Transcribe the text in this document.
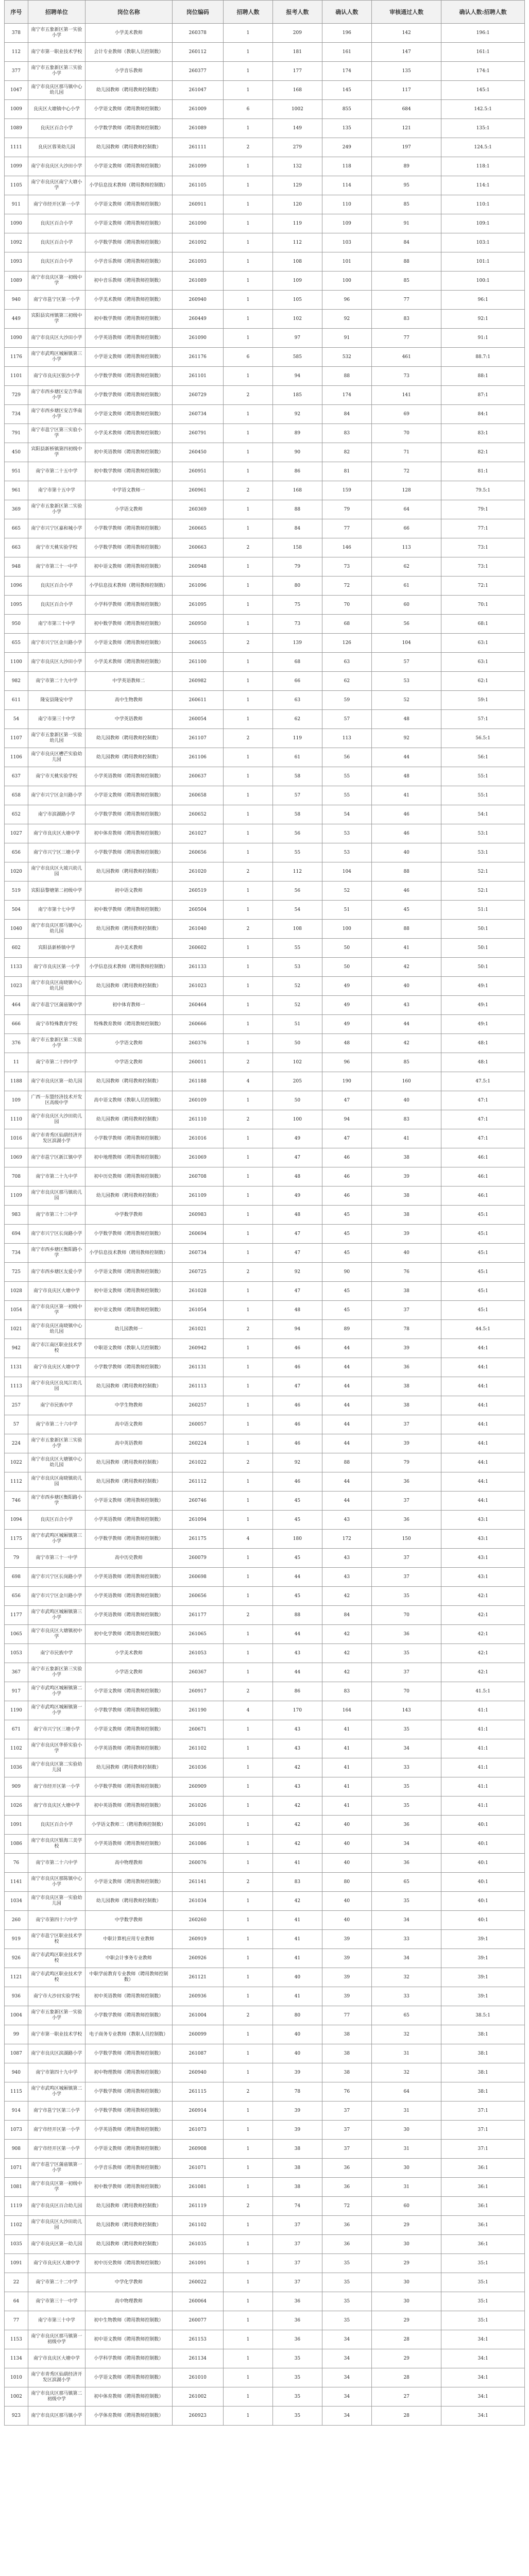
序号	招聘单位	岗位名称	岗位编码	招聘人数	报考人数	确认人数	审核通过人数	确认人数:招聘人数
378	南宁市五象新区第一实验小学	小学美术教师	260378	1	209	196	142	196:1
112	南宁市第一职业技术学校	会计专业教师（教职人员控制数）	260112	1	181	161	147	161:1
377	南宁市五象新区第三实验小学	小学音乐教师	260377	1	177	174	135	174:1
1047	南宁市良庆区那马镇中心幼儿园	幼儿园教师（聘用教师控制数）	261047	1	168	145	117	145:1
1009	良庆区大塘镇中心小学	小学语文教师（聘用教师控制数）	261009	6	1002	855	684	142.5:1
1089	良庆区百合小学	小学数学教师（聘用教师控制数）	261089	1	149	135	121	135:1
1111	良庆区蓉茉幼儿园	幼儿园教师（聘用教师控制数）	261111	2	279	249	197	124.5:1
1099	南宁市良庆区大沙田小学	小学语文教师（聘用教师控制数）	261099	1	132	118	89	118:1
1105	南宁市良庆区南宁大塘小学	小学信息技术教师（聘用教师控制数）	261105	1	129	114	95	114:1
911	南宁市经开区第一小学	小学语文教师（聘用教师控制数）	260911	1	120	110	85	110:1
1090	良庆区百合小学	小学语文教师（聘用教师控制数）	261090	1	119	109	91	109:1
1092	良庆区百合小学	小学数学教师（聘用教师控制数）	261092	1	112	103	84	103:1
1093	良庆区百合小学	小学音乐教师（聘用教师控制数）	261093	1	108	101	88	101:1
1089	南宁市良庆区第一初级中学	初中音乐教师（聘用教师控制数）	261089	1	109	100	85	100:1
940	南宁市邕宁区第一小学	小学美术教师（聘用教师控制数）	260940	1	105	96	77	96:1
449	宾阳县宾州镇第三初级中学	初中数学教师（聘用教师控制数）	260449	1	102	92	83	92:1
1090	南宁市良庆区大沙田小学	小学英语教师（聘用教师控制数）	261090	1	97	91	77	91:1
1176	南宁市武鸣区城厢镇第三小学	小学语文教师（聘用教师控制数）	261176	6	585	532	461	88.7:1
1101	南宁市良庆区银沙小学	小学数学教师（聘用教师控制数）	261101	1	94	88	73	88:1
729	南宁市西乡塘区安吉华南小学	小学数学教师（聘用教师控制数）	260729	2	185	174	141	87:1
734	南宁市西乡塘区安吉华南小学	小学语文教师（聘用教师控制数）	260734	1	92	84	69	84:1
791	南宁市邕宁区第三实验小学	小学美术教师（聘用教师控制数）	260791	1	89	83	70	83:1
450	宾阳县新桥镇第四初级中学	初中英语教师（聘用教师控制数）	260450	1	90	82	71	82:1
951	南宁市第二十五中学	初中数学教师（聘用教师控制数）	260951	1	86	81	72	81:1
961	南宁市第十五中学	中学语文教师一	260961	2	168	159	128	79.5:1
369	南宁市五象新区第二实验小学	小学语文教师	260369	1	88	79	64	79:1
665	南宁市兴宁区嘉和城小学	小学数学教师（聘用教师控制数）	260665	1	84	77	66	77:1
663	南宁市天桃实验学校	小学数学教师（聘用教师控制数）	260663	2	158	146	113	73:1
948	南宁市第三十一中学	初中语文教师（聘用教师控制数）	260948	1	79	73	62	73:1
1096	良庆区百合小学	小学信息技术教师（聘用教师控制数）	261096	1	80	72	61	72:1
1095	良庆区百合小学	小学科学教师（聘用教师控制数）	261095	1	75	70	60	70:1
950	南宁市第三十中学	初中数学教师（聘用教师控制数）	260950	1	73	68	56	68:1
655	南宁市兴宁区金川路小学	小学语文教师（聘用教师控制数）	260655	2	139	126	104	63:1
1100	南宁市良庆区大沙田小学	小学美术教师（聘用教师控制数）	261100	1	68	63	57	63:1
982	南宁市第二十九中学	中学英语教师二	260982	1	66	62	53	62:1
611	隆安县隆安中学	高中生物教师	260611	1	63	59	52	59:1
54	南宁市第三十中学	中学英语教师	260054	1	62	57	48	57:1
1107	南宁市五象新区第一实验幼儿园	幼儿园教师（聘用教师控制数）	261107	2	119	113	92	56.5:1
1106	南宁市良庆区槽芒实验幼儿园	幼儿园教师（聘用教师控制数）	261106	1	61	56	44	56:1
637	南宁市天桃实验学校	小学英语教师（聘用教师控制数）	260637	1	58	55	48	55:1
658	南宁市兴宁区金川路小学	小学语文教师（聘用教师控制数）	260658	1	57	55	41	55:1
652	南宁市滨湖路小学	小学数学教师（聘用教师控制数）	260652	1	58	54	46	54:1
1027	南宁市良庆区大塘中学	初中体育教师（聘用教师控制数）	261027	1	56	53	46	53:1
656	南宁市兴宁区三塘小学	小学数学教师（聘用教师控制数）	260656	1	55	53	40	53:1
1020	南宁市良庆区大坡兴幼儿园	幼儿园教师（聘用教师控制数）	261020	2	112	104	88	52:1
519	宾阳县黎塘第二初级中学	初中语文教师	260519	1	56	52	46	52:1
504	南宁市第十七中学	初中数学教师（聘用教师控制数）	260504	1	54	51	45	51:1
1040	南宁市良庆区那马镇中心幼儿园	幼儿园教师（聘用教师控制数）	261040	2	108	100	88	50:1
602	宾阳县新桥镇中学	高中美术教师	260602	1	55	50	41	50:1
1133	南宁市良庆区第一小学	小学信息技术教师（聘用教师控制数）	261133	1	53	50	42	50:1
1023	南宁市良庆区南晓镇中心幼儿园	幼儿园教师（聘用教师控制数）	261023	1	52	49	40	49:1
464	南宁市邕宁区蒲庙镇中学	初中体育教师一	260464	1	52	49	43	49:1
666	南宁市特殊教育学校	特殊教育教师（聘用教师控制数）	260666	1	51	49	44	49:1
376	南宁市五象新区第二实验小学	小学语文教师	260376	1	50	48	42	48:1
11	南宁市第二十四中学	中学语文教师	260011	2	102	96	85	48:1
1188	南宁市良庆区第一幼儿园	幼儿园教师（聘用教师控制数）	261188	4	205	190	160	47.5:1
109	广西一东盟经济技术开发区高级中学	高中语文教师（教职人员控制数）	260109	1	50	47	40	47:1
1110	南宁市良庆区大沙田幼儿园	幼儿园教师（聘用教师控制数）	261110	2	100	94	83	47:1
1016	南宁市青秀区仙葫经济开发区滨湖小学	小学数学教师（聘用教师控制数）	261016	1	49	47	41	47:1
1069	南宁市邕宁区新江镇中学	初中地理教师（聘用教师控制数）	261069	1	47	46	38	46:1
708	南宁市第二十九中学	初中历史教师（聘用教师控制数）	260708	1	48	46	39	46:1
1109	南宁市良庆区那马镇幼儿园	幼儿园教师（聘用教师控制数）	261109	1	49	46	38	46:1
983	南宁市第三十三中学	中学数学教师	260983	1	48	45	38	45:1
694	南宁市兴宁区长岗路小学	小学数学教师（聘用教师控制数）	260694	1	47	45	39	45:1
734	南宁市西乡塘区衡阳路小学	小学信息技术教师（聘用教师控制数）	260734	1	47	45	40	45:1
725	南宁市西乡塘区友爱小学	小学语文教师（聘用教师控制数）	260725	2	92	90	76	45:1
1028	南宁市良庆区大塘中学	初中语文教师（聘用教师控制数）	261028	1	47	45	38	45:1
1054	南宁市良庆区第一初级中学	初中语文教师（聘用教师控制数）	261054	1	48	45	37	45:1
1021	南宁市良庆区南晓镇中心幼儿园	幼儿园教师一	261021	2	94	89	78	44.5:1
942	南宁市江南区职业技术学校	中职语文教师（教职人员控制数）	260942	1	46	44	39	44:1
1131	南宁市良庆区大塘中学	小学数学教师（聘用教师控制数）	261131	1	46	44	36	44:1
1113	南宁市良庆区良凤江幼儿园	幼儿园教师（聘用教师控制数）	261113	1	47	44	38	44:1
257	南宁市民族中学	中学生物教师	260257	1	46	44	38	44:1
57	南宁市第二十六中学	高中语文教师	260057	1	46	44	37	44:1
224	南宁市五象新区第三实验小学	高中英语教师	260224	1	46	44	39	44:1
1022	南宁市良庆区大塘镇中心幼儿园	幼儿园教师（聘用教师控制数）	261022	2	92	88	79	44:1
1112	南宁市良庆区南晓镇幼儿园	幼儿园教师（聘用教师控制数）	261112	1	46	44	36	44:1
746	南宁市西乡塘区衡阳路小学	小学语文教师（聘用教师控制数）	260746	1	45	44	37	44:1
1094	良庆区百合小学	小学英语教师（聘用教师控制数）	261094	1	45	43	36	43:1
1175	南宁市武鸣区城厢镇第三小学	小学数学教师（聘用教师控制数）	261175	4	180	172	150	43:1
79	南宁市第三十一中学	高中历史教师	260079	1	45	43	37	43:1
698	南宁市兴宁区长岗路小学	小学英语教师（聘用教师控制数）	260698	1	44	43	37	43:1
656	南宁市兴宁区金川路小学	小学英语教师（聘用教师控制数）	260656	1	45	42	35	42:1
1177	南宁市武鸣区城厢镇第三小学	小学英语教师（聘用教师控制数）	261177	2	88	84	70	42:1
1065	南宁市良庆区大塘镇初中学	初中化学教师（聘用教师控制数）	261065	1	44	42	36	42:1
1053	南宁市民族中学	小学美术教师	261053	1	43	42	35	42:1
367	南宁市五象新区第三实验小学	小学语文教师	260367	1	44	42	37	42:1
917	南宁市武鸣区城厢镇第二小学	小学语文教师（聘用教师控制数）	260917	2	86	83	70	41.5:1
1190	南宁市武鸣区城厢镇第一小学	小学数学教师（聘用教师控制数）	261190	4	170	164	143	41:1
671	南宁市兴宁区三塘小学	小学语文教师（聘用教师控制数）	260671	1	43	41	35	41:1
1102	南宁市良庆区华侨实验小学	小学英语教师（聘用教师控制数）	261102	1	43	41	34	41:1
1036	南宁市良庆区第二实验幼儿园	幼儿园教师（聘用教师控制数）	261036	1	42	41	33	41:1
909	南宁市经开区第一小学	小学数学教师（聘用教师控制数）	260909	1	43	41	35	41:1
1026	南宁市良庆区大塘中学	初中英语教师（聘用教师控制数）	261026	1	42	41	35	41:1
1091	良庆区百合小学	小学语文教师二（聘用教师控制数）	261091	1	42	40	36	40:1
1086	南宁市良庆区银海三美学校	小学英语教师（聘用教师控制数）	261086	1	42	40	34	40:1
76	南宁市第二十六中学	高中物理教师	260076	1	41	40	36	40:1
1141	南宁市良庆区那陈镇中心小学	小学语文教师（聘用教师控制数）	261141	2	83	80	65	40:1
1034	南宁市良庆区第一实验幼儿园	幼儿园教师（聘用教师控制数）	261034	1	42	40	35	40:1
260	南宁市第四十六中学	中学数学教师	260260	1	41	40	34	40:1
919	南宁市邕宁区职业技术学校	中职计算机应用专业教师	260919	1	41	39	33	39:1
926	南宁市武鸣区职业技术学校	中职会计事务专业教师	260926	1	41	39	34	39:1
1121	南宁市武鸣区职业技术学校	中职学前教育专业教师（聘用教师控制数）	261121	1	40	39	32	39:1
936	南宁市大沙田实验学校	初中英语教师（聘用教师控制数）	260936	1	41	39	33	39:1
1004	南宁市五象新区第一实验小学	小学数学教师（聘用教师控制数）	261004	2	80	77	65	38.5:1
99	南宁市第一职业技术学校	电子商务专业教师（教职人员控制数）	260099	1	40	38	32	38:1
1087	南宁市良庆区滨湖路小学	小学数学教师（聘用教师控制数）	261087	1	40	38	31	38:1
940	南宁市第四十九中学	初中物理教师（聘用教师控制数）	260940	1	39	38	32	38:1
1115	南宁市武鸣区城厢镇第二小学	小学数学教师（聘用教师控制数）	261115	2	78	76	64	38:1
914	南宁市邕宁区第三小学	小学数学教师（聘用教师控制数）	260914	1	39	37	31	37:1
1073	南宁市经开区第一小学	小学英语教师（聘用教师控制数）	261073	1	39	37	30	37:1
908	南宁市经开区第一小学	小学语文教师（聘用教师控制数）	260908	1	38	37	31	37:1
1071	南宁市邕宁区蒲庙镇第一小学	小学音乐教师（聘用教师控制数）	261071	1	38	36	30	36:1
1081	南宁市良庆区第一初级中学	初中数学教师（聘用教师控制数）	261081	1	38	36	31	36:1
1119	南宁市良庆区百合幼儿园	幼儿园教师（聘用教师控制数）	261119	2	74	72	60	36:1
1102	南宁市良庆区大沙田幼儿园	幼儿园教师（聘用教师控制数）	261102	1	37	36	29	36:1
1035	南宁市良庆区第一幼儿园	幼儿园教师（聘用教师控制数）	261035	1	37	36	30	36:1
1091	南宁市良庆区大塘中学	初中历史教师（聘用教师控制数）	261091	1	37	35	29	35:1
22	南宁市第二十二中学	中学化学教师	260022	1	37	35	30	35:1
64	南宁市第三十一中学	高中物理教师	260064	1	36	35	30	35:1
77	南宁市第三十中学	初中生物教师（聘用教师控制数）	260077	1	36	35	29	35:1
1153	南宁市良庆区那马镇第一初级中学	初中语文教师（聘用教师控制数）	261153	1	36	34	28	34:1
1134	南宁市良庆区大塘中学	小学科学教师（聘用教师控制数）	261134	1	35	34	29	34:1
1010	南宁市青秀区仙葫经济开发区滨湖小学	小学语文教师（聘用教师控制数）	261010	1	35	34	28	34:1
1002	南宁市良庆区那马镇第二初级中学	初中体育教师（聘用教师控制数）	261002	1	35	34	27	34:1
923	南宁市良庆区那马镇小学	小学体育教师（聘用教师控制数）	260923	1	35	34	28	34:1
